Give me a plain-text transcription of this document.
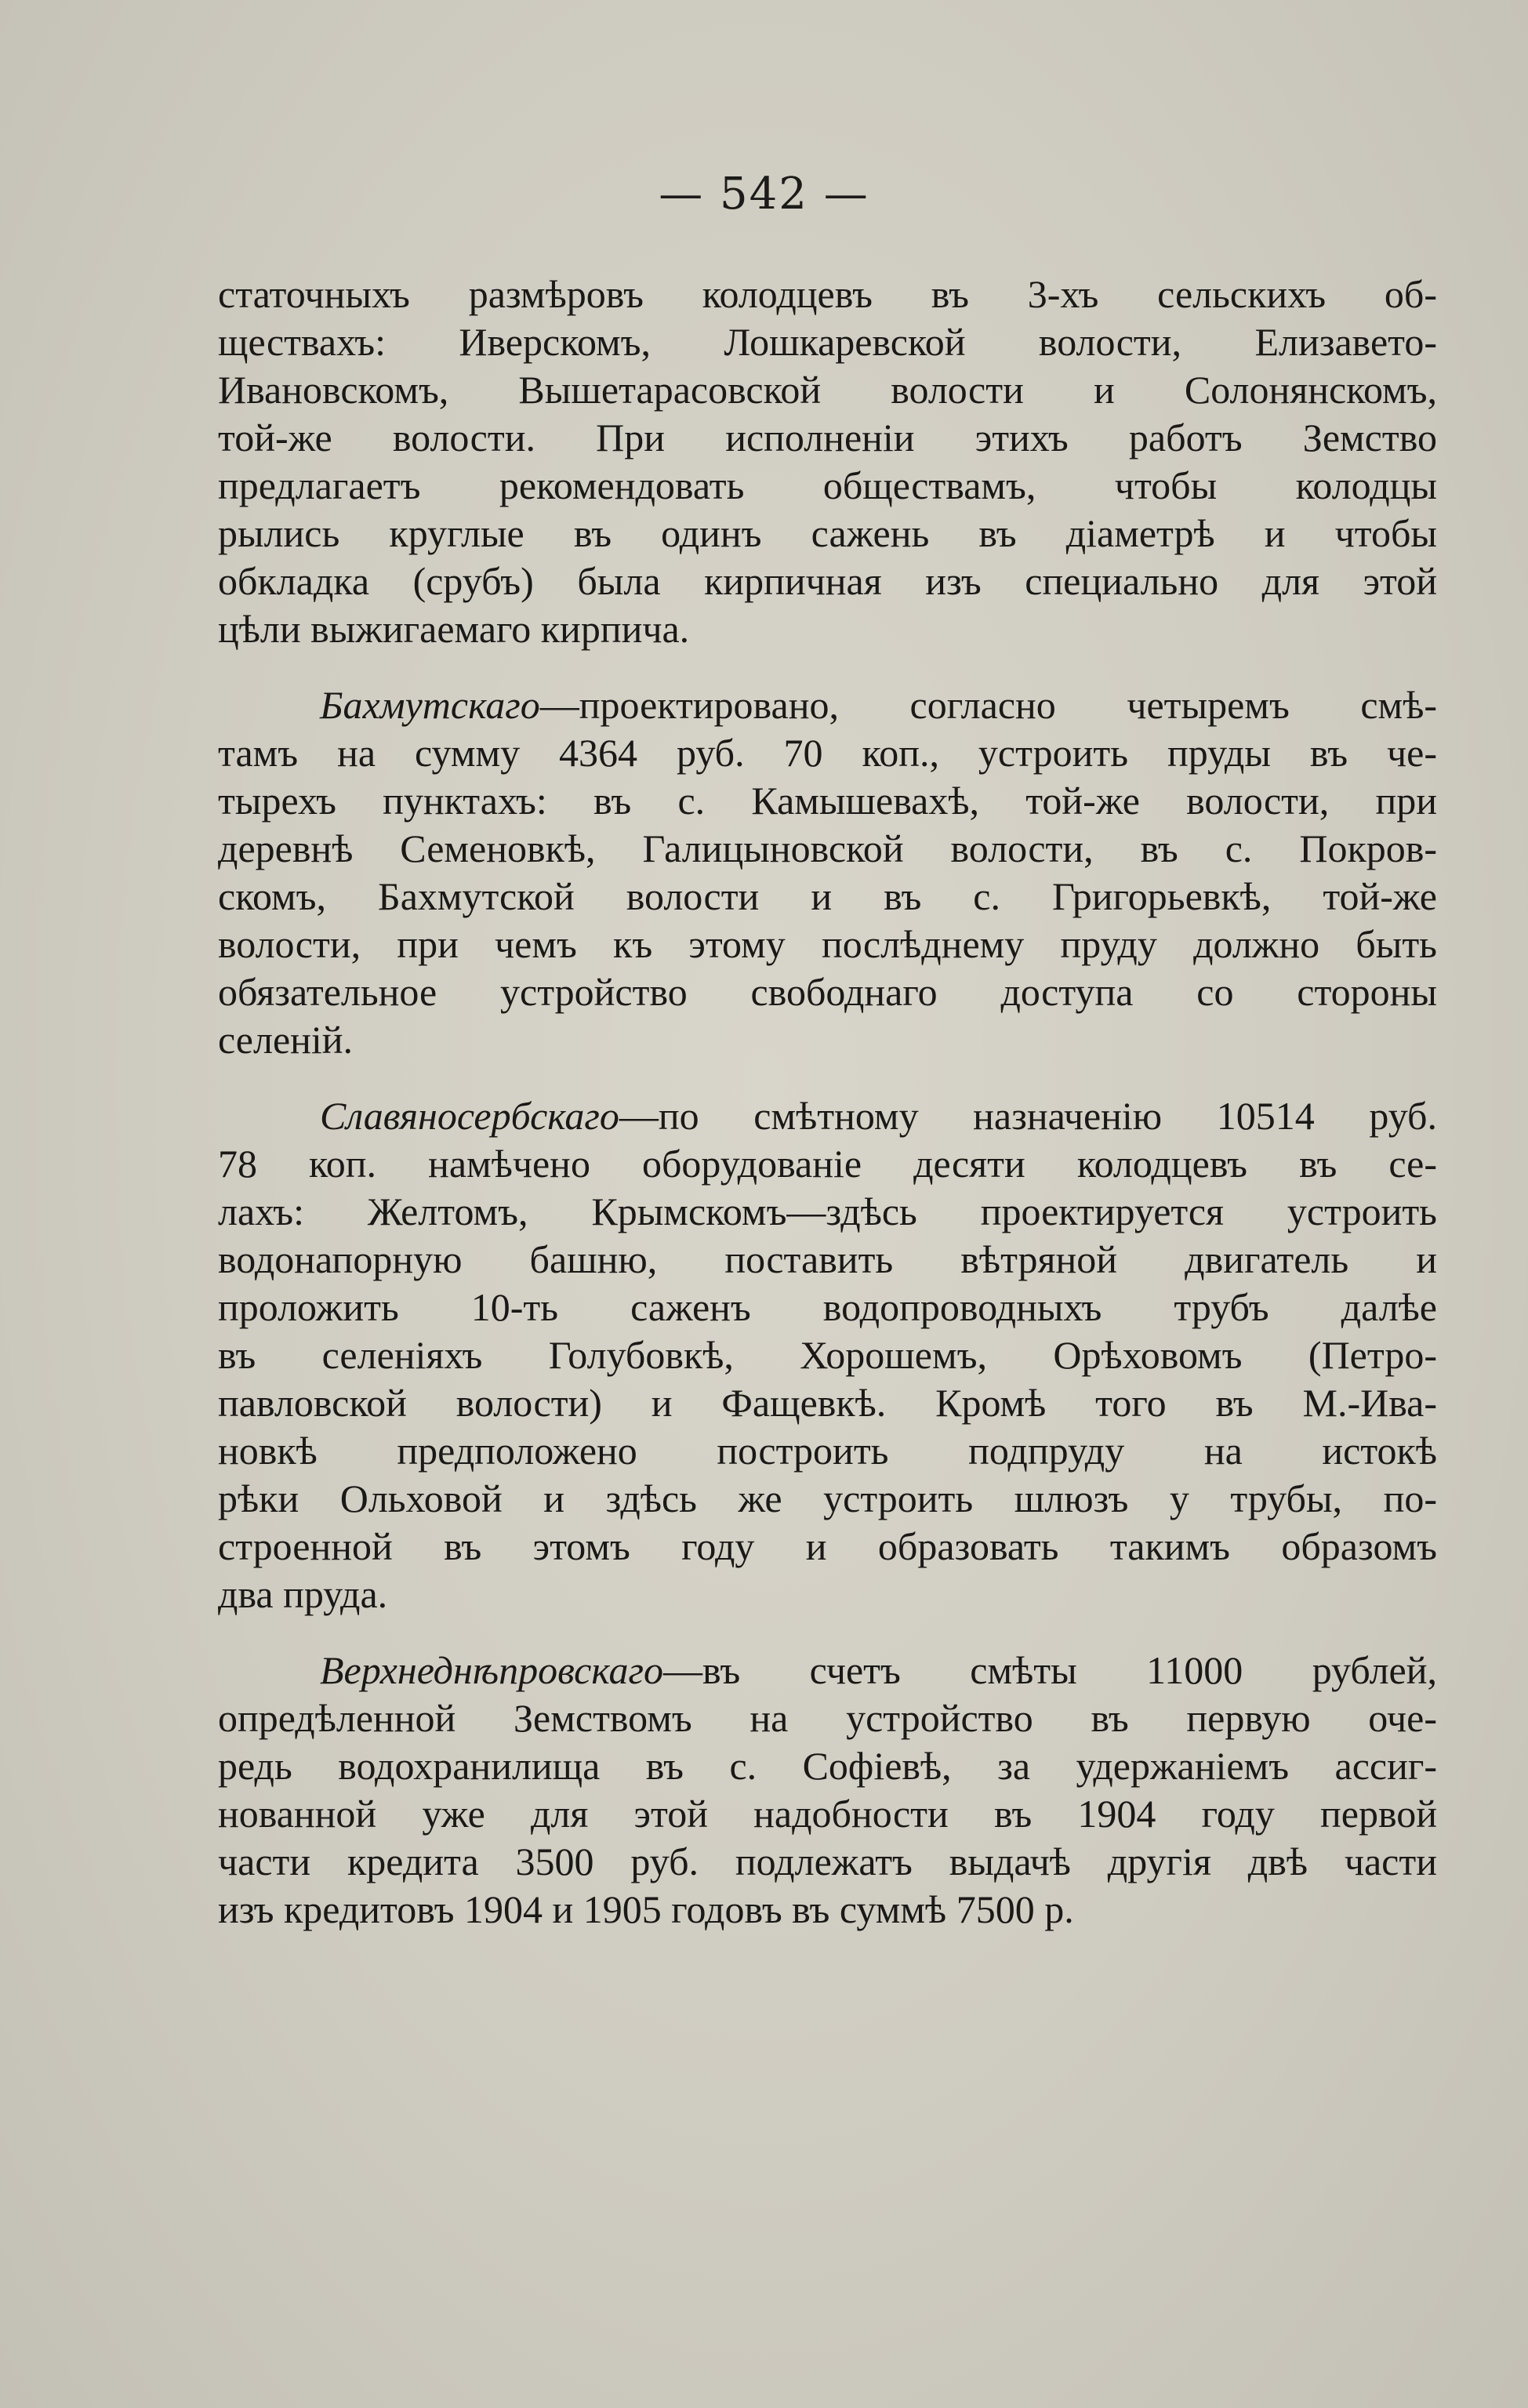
— 542 —
статочныхъ размѣровъ колодцевъ въ 3-хъ сельскихъ об-
ществахъ: Иверскомъ, Лошкаревской волости, Елизавето-
Ивановскомъ, Вышетарасовской волости и Солонянскомъ,
той-же волости. При исполненіи этихъ работъ Земство
предлагаетъ рекомендовать обществамъ, чтобы колодцы
рылись круглые въ одинъ сажень въ діаметрѣ и чтобы
обкладка (срубъ) была кирпичная изъ специально для этой
цѣли выжигаемаго кирпича.
Бахмутскаго—проектировано, согласно четыремъ смѣ-
тамъ на сумму 4364 руб. 70 коп., устроить пруды въ че-
тырехъ пунктахъ: въ с. Камышевахѣ, той-же волости, при
деревнѣ Семеновкѣ, Галицыновской волости, въ с. Покров-
скомъ, Бахмутской волости и въ с. Григорьевкѣ, той-же
волости, при чемъ къ этому послѣднему пруду должно быть
обязательное устройство свободнаго доступа со стороны
селеній.
Славяносербскаго—по смѣтному назначенію 10514 руб.
78 коп. намѣчено оборудованіе десяти колодцевъ въ се-
лахъ: Желтомъ, Крымскомъ—здѣсь проектируется устроить
водонапорную башню, поставить вѣтряной двигатель и
проложить 10-ть саженъ водопроводныхъ трубъ далѣе
въ селеніяхъ Голубовкѣ, Хорошемъ, Орѣховомъ (Петро-
павловской волости) и Фащевкѣ. Кромѣ того въ М.-Ива-
новкѣ предположено построить подпруду на истокѣ
рѣки Ольховой и здѣсь же устроить шлюзъ у трубы, по-
строенной въ этомъ году и образовать такимъ образомъ
два пруда.
Верхнеднѣпровскаго—въ счетъ смѣты 11000 рублей,
опредѣленной Земствомъ на устройство въ первую оче-
редь водохранилища въ с. Софіевѣ, за удержаніемъ ассиг-
нованной уже для этой надобности въ 1904 году первой
части кредита 3500 руб. подлежатъ выдачѣ другія двѣ части
изъ кредитовъ 1904 и 1905 годовъ въ суммѣ 7500 р.
